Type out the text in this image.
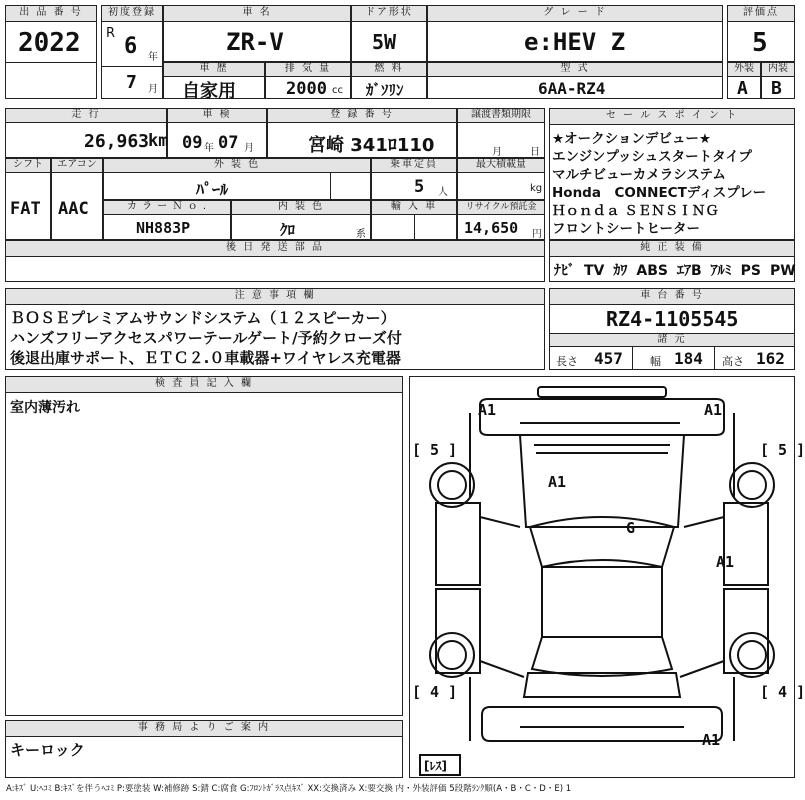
出 品 番 号
2022
初度登録
R
6 年
7 月
車 名
ZR-V
ドア形状
5W
グ レ ー ド
e:HEV Z
評価点
5
車 歴
自家用
排 気 量
2000 cc
燃 料
ｶﾞｿﾘﾝ
型 式
6AA-RZ4
外装
A
内装
B
走 行
26,963
km
車 検
09 年 07 月
登 録 番 号
宮崎 341ﾛ110
譲渡書類期限
月	日
セ ー ル ス ポ イ ン ト
★オークションデビュー★
エンジンプッシュスタートタイプ
マルチビューカメラシステム
Honda　CONNECTディスプレー
Ｈｏｎｄａ ＳＥＮＳＩＮＧ
フロントシートヒーター
シフト
FAT
エアコン
AAC
外 装 色
ﾊﾟｰﾙ
乗車定員
5 人
最大積載量
kg
カ ラ ー Ｎ ｏ .
NH883P
内 装 色
ｸﾛ	系
輸 入 車	リサイクル預託金
14,650 円
後 日 発 送 部 品	純 正 装 備
ﾅﾋﾞ TV ｶﾜ ABS ｴｱB ｱﾙﾐ PS PW
注 意 事 項 欄
ＢＯＳＥプレミアムサウンドシステム（１２スピーカー）
ハンズフリーアクセスパワーテールゲート/予約クローズ付
後退出庫サポート、ＥＴＣ２.０車載器+ワイヤレス充電器
車 台 番 号
RZ4-1105545
諸 元
長さ 457 幅 184 高さ 162
検 査 員 記 入 欄
室内薄汚れ
事 務 局 よ り ご 案 内
キーロック
A1	A1
A1
G
A1
A1
[ 5 ]	[ 5 ]
[ 4 ]	[ 4 ]
[ﾚｽ]
A:ｷｽﾞ U:ﾍｺﾐ B:ｷｽﾞを伴うﾍｺﾐ P:要塗装 W:補修跡 S:錆 C:腐食 G:ﾌﾛﾝﾄｶﾞﾗｽ点ｷｽﾞ XX:交換済み X:要交換 内・外装評価 5段階ﾗﾝｸ順(A・B・C・D・E) 1
